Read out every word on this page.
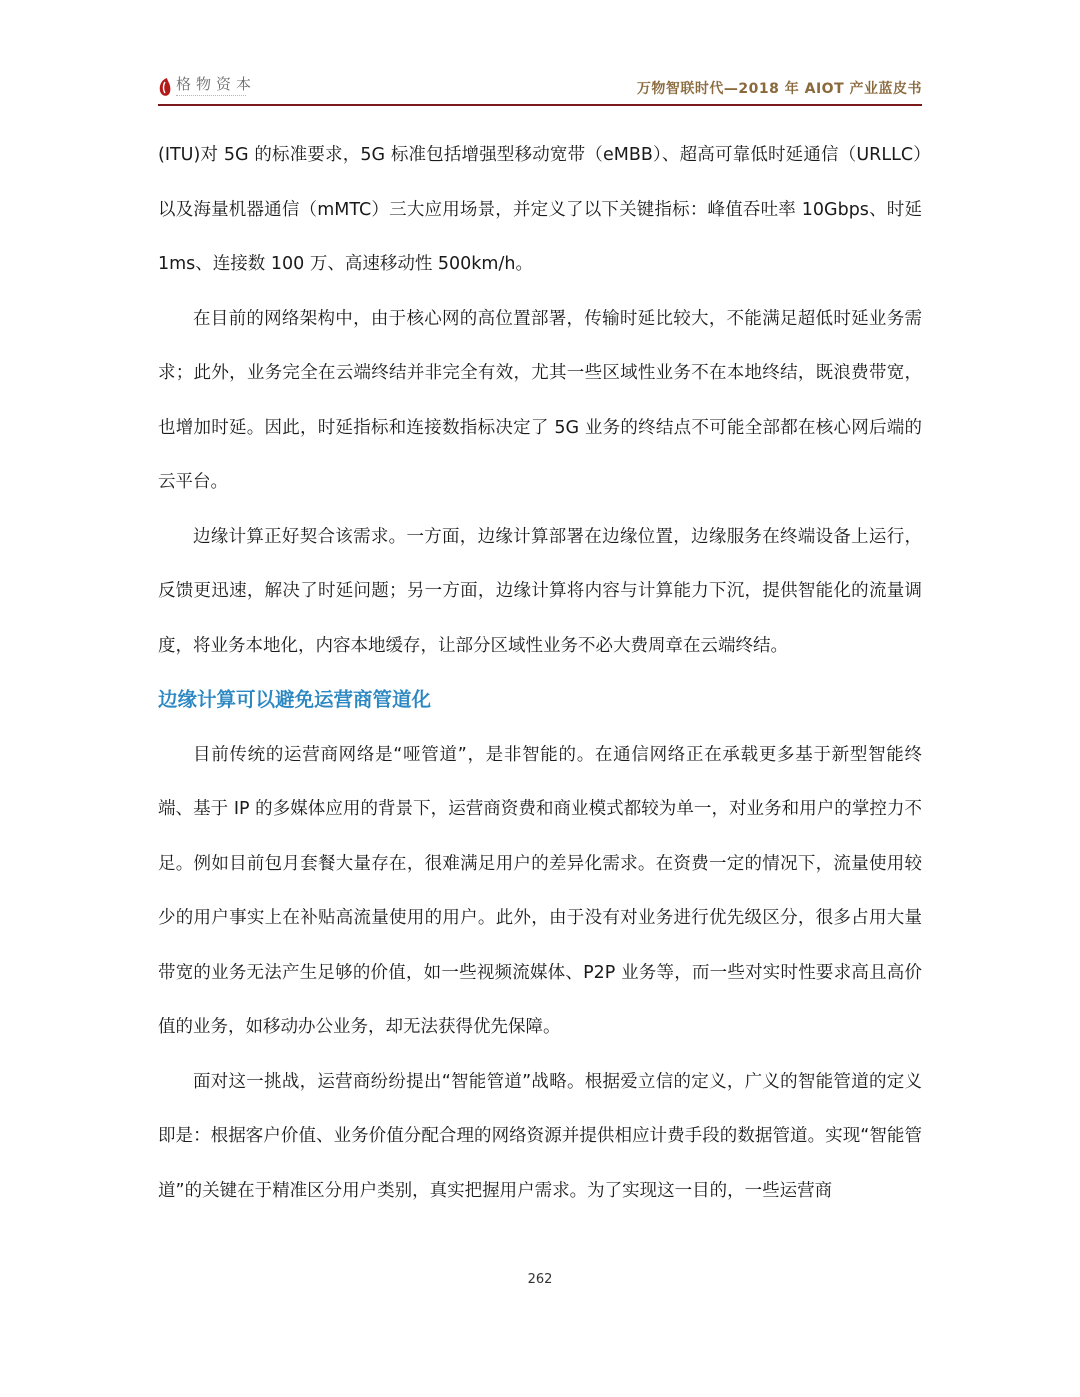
格物资本	万物智联时代—2018 年 AIOT 产业蓝皮书

(ITU)对 5G 的标准要求，5G 标准包括增强型移动宽带（eMBB）、超高可靠低时延通信（URLLC）以及海量机器通信（mMTC）三大应用场景，并定义了以下关键指标：峰值吞吐率 10Gbps、时延 1ms、连接数 100 万、高速移动性 500km/h。

在目前的网络架构中，由于核心网的高位置部署，传输时延比较大，不能满足超低时延业务需求；此外，业务完全在云端终结并非完全有效，尤其一些区域性业务不在本地终结，既浪费带宽，也增加时延。因此，时延指标和连接数指标决定了 5G 业务的终结点不可能全部都在核心网后端的云平台。

边缘计算正好契合该需求。一方面，边缘计算部署在边缘位置，边缘服务在终端设备上运行，反馈更迅速，解决了时延问题；另一方面，边缘计算将内容与计算能力下沉，提供智能化的流量调度，将业务本地化，内容本地缓存，让部分区域性业务不必大费周章在云端终结。

边缘计算可以避免运营商管道化

目前传统的运营商网络是“哑管道”，是非智能的。在通信网络正在承载更多基于新型智能终端、基于 IP 的多媒体应用的背景下，运营商资费和商业模式都较为单一，对业务和用户的掌控力不足。例如目前包月套餐大量存在，很难满足用户的差异化需求。在资费一定的情况下，流量使用较少的用户事实上在补贴高流量使用的用户。此外，由于没有对业务进行优先级区分，很多占用大量带宽的业务无法产生足够的价值，如一些视频流媒体、P2P 业务等，而一些对实时性要求高且高价值的业务，如移动办公业务，却无法获得优先保障。

面对这一挑战，运营商纷纷提出“智能管道”战略。根据爱立信的定义，广义的智能管道的定义即是：根据客户价值、业务价值分配合理的网络资源并提供相应计费手段的数据管道。实现“智能管道”的关键在于精准区分用户类别，真实把握用户需求。为了实现这一目的，一些运营商

262
